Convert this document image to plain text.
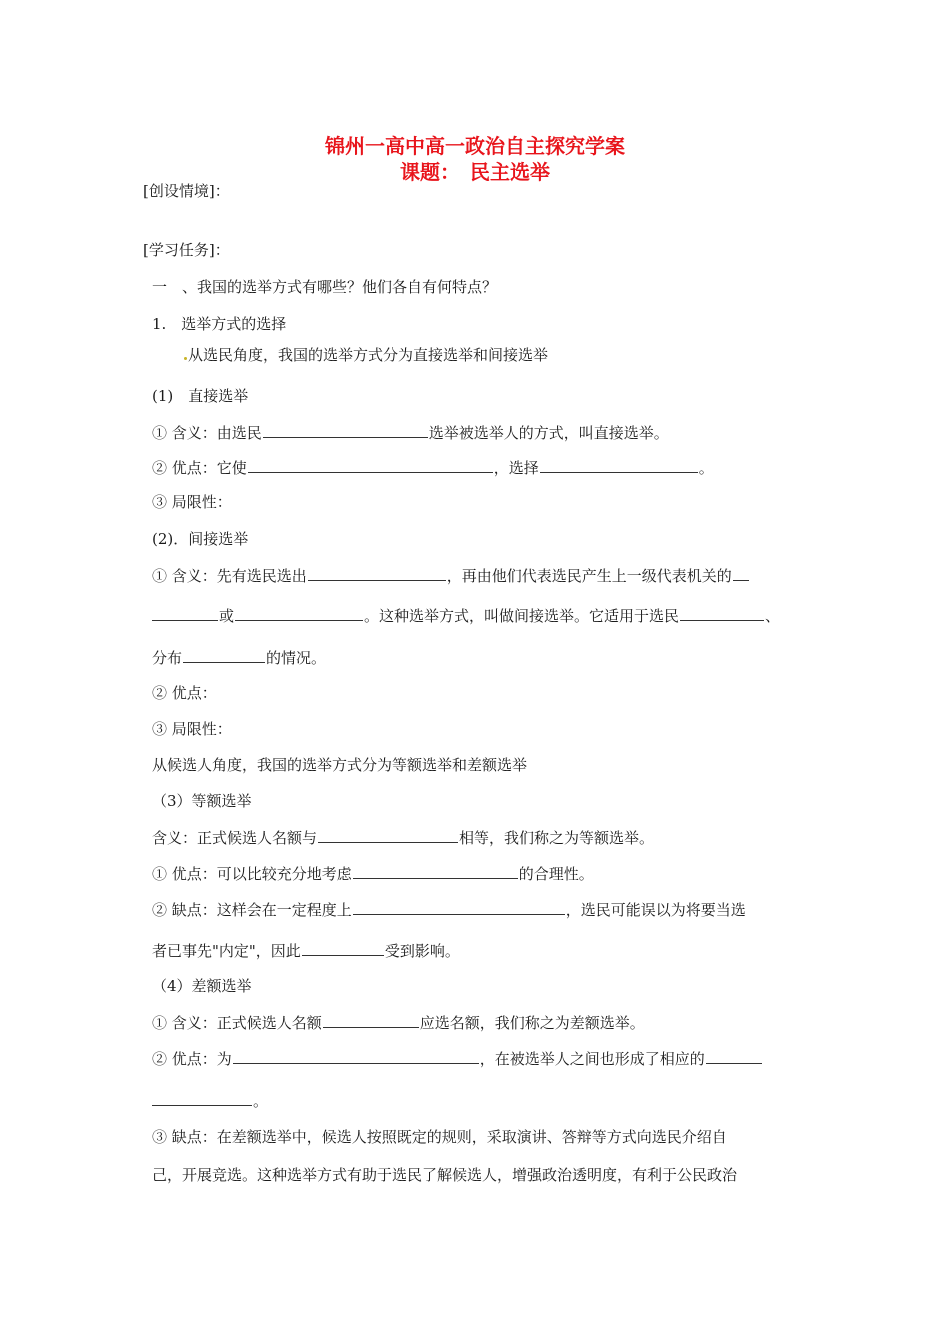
锦州一高中高一政治自主探究学案
课题：　民主选举
[创设情境]：
[学习任务]：
一　、我国的选举方式有哪些？他们各自有何特点？
1.　选举方式的选择
从选民角度，我国的选举方式分为直接选举和间接选举
(1)　直接选举
① 含义：由选民	选举被选举人的方式，叫直接选举。
② 优点：它使	，选择	。
③ 局限性：
(2)．间接选举
① 含义：先有选民选出	，再由他们代表选民产生上一级代表机关的
或	。这种选举方式，叫做间接选举。它适用于选民	、
分布	的情况。
② 优点：
③ 局限性：
从候选人角度，我国的选举方式分为等额选举和差额选举
（3）等额选举
含义：正式候选人名额与	相等，我们称之为等额选举。
① 优点：可以比较充分地考虑	的合理性。
② 缺点：这样会在一定程度上	，选民可能误以为将要当选
者已事先"内定"，因此	受到影响。
（4）差额选举
① 含义：正式候选人名额	应选名额，我们称之为差额选举。
② 优点：为	，在被选举人之间也形成了相应的
。
③ 缺点：在差额选举中，候选人按照既定的规则，采取演讲、答辩等方式向选民介绍自
己，开展竞选。这种选举方式有助于选民了解候选人，增强政治透明度，有利于公民政治
